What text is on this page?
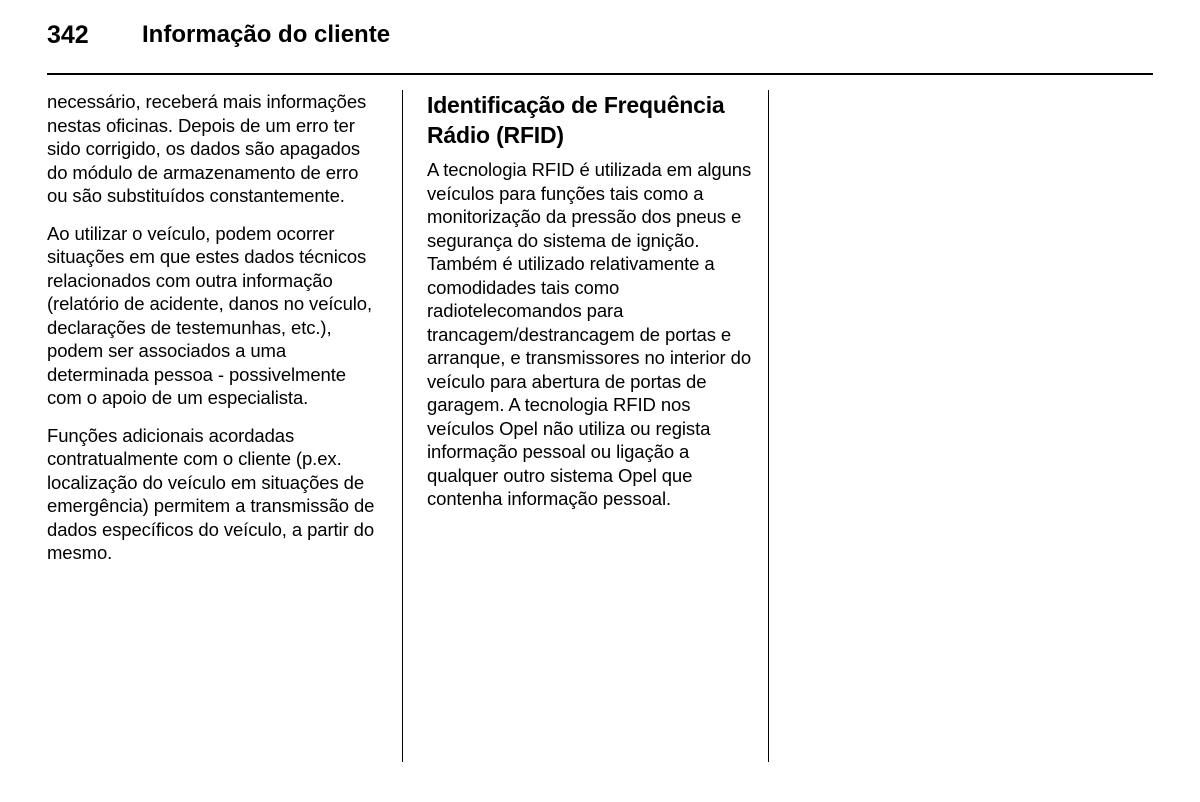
342	Informação do cliente

necessário, receberá mais informações nestas oficinas. Depois de um erro ter sido corrigido, os dados são apagados do módulo de armazenamento de erro ou são substituídos constantemente.

Ao utilizar o veículo, podem ocorrer situações em que estes dados técnicos relacionados com outra informação (relatório de acidente, danos no veículo, declarações de testemunhas, etc.), podem ser associados a uma determinada pessoa - possivelmente com o apoio de um especialista.

Funções adicionais acordadas contratualmente com o cliente (p.ex. localização do veículo em situações de emergência) permitem a transmissão de dados específicos do veículo, a partir do mesmo.

Identificação de Frequência Rádio (RFID)

A tecnologia RFID é utilizada em alguns veículos para funções tais como a monitorização da pressão dos pneus e segurança do sistema de ignição. Também é utilizado relativamente a comodidades tais como radiotelecomandos para trancagem/destrancagem de portas e arranque, e transmissores no interior do veículo para abertura de portas de garagem. A tecnologia RFID nos veículos Opel não utiliza ou regista informação pessoal ou ligação a qualquer outro sistema Opel que contenha informação pessoal.
